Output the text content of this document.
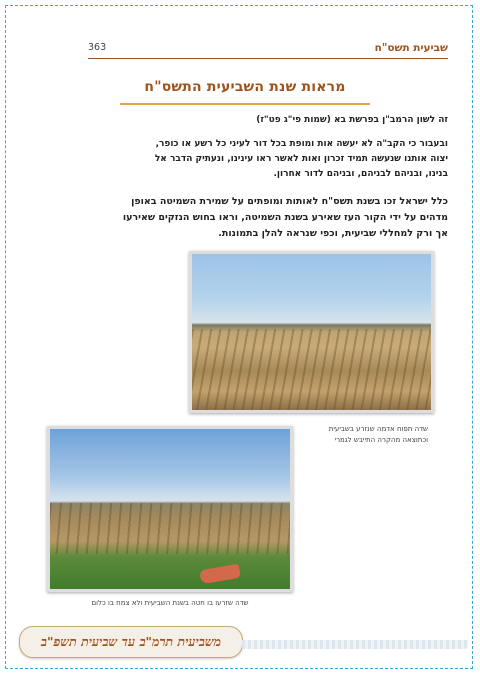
363	שביעית תשס"ח
מראות שנת השביעית התשס"ח
זה לשון הרמב"ן בפרשת בא (שמות פי"ג פט"ז)
ובעבור כי הקב"ה לא יעשה אות ומופת בכל דור לעיני כל רשע או כופר,
יצוה אותנו שנעשה תמיד זכרון ואות לאשר ראו עינינו, ונעתיק הדבר אל
בנינו, ובניהם לבניהם, ובניהם לדור אחרון.
כלל ישראל זכו בשנת תשס"ח לאותות ומופתים על שמירת השמיטה באופן
מדהים על ידי הקור העז שאירע בשנת השמיטה, וראו בחוש הנזקים שאירעו
אך ורק למחללי שביעית, וכפי שנראה להלן בתמונות.
שדה תפוח אדמה שנזרע בשביעית
וכתוצאה מהקרה התייבש לגמרי
שדה שזרעו בו חטה בשנת השביעית ולא צמח בו כלום
משביעית תרמ"ב עד שביעית תשפ"ב
